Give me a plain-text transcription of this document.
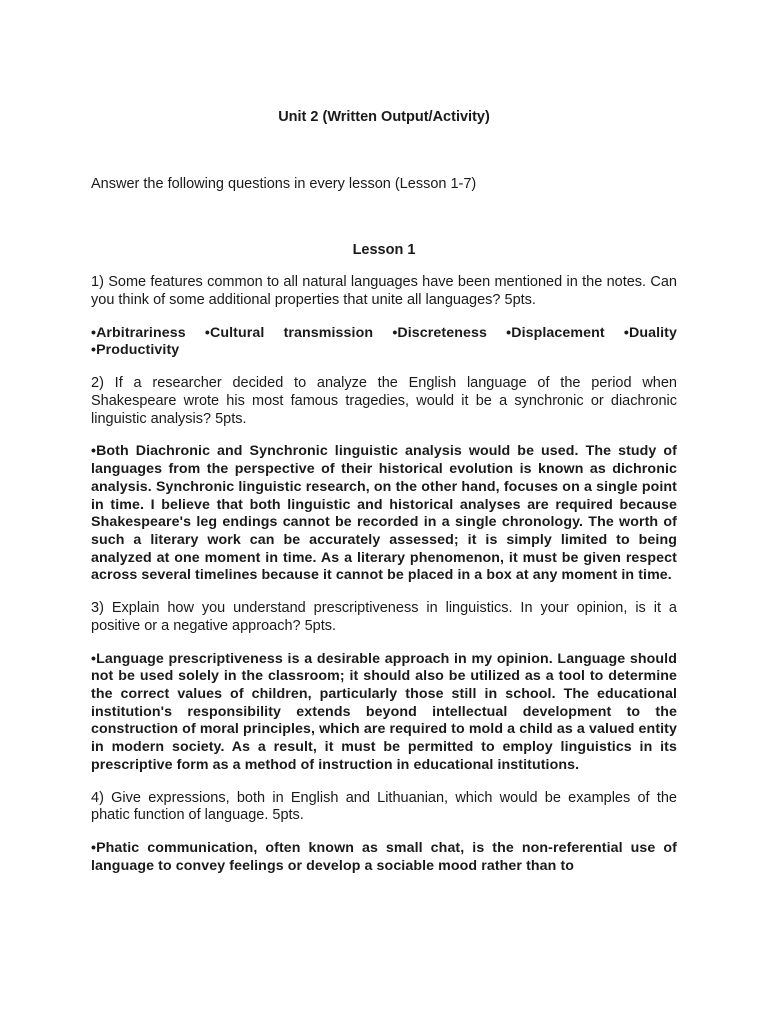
Unit 2 (Written Output/Activity)

Answer the following questions in every lesson (Lesson 1-7)

Lesson 1

1) Some features common to all natural languages have been mentioned in the notes. Can you think of some additional properties that unite all languages? 5pts.

•Arbitrariness •Cultural transmission •Discreteness •Displacement •Duality •Productivity

2) If a researcher decided to analyze the English language of the period when Shakespeare wrote his most famous tragedies, would it be a synchronic or diachronic linguistic analysis? 5pts.

•Both Diachronic and Synchronic linguistic analysis would be used. The study of languages from the perspective of their historical evolution is known as dichronic analysis. Synchronic linguistic research, on the other hand, focuses on a single point in time. I believe that both linguistic and historical analyses are required because Shakespeare's leg endings cannot be recorded in a single chronology. The worth of such a literary work can be accurately assessed; it is simply limited to being analyzed at one moment in time. As a literary phenomenon, it must be given respect across several timelines because it cannot be placed in a box at any moment in time.

3) Explain how you understand prescriptiveness in linguistics. In your opinion, is it a positive or a negative approach? 5pts.

•Language prescriptiveness is a desirable approach in my opinion. Language should not be used solely in the classroom; it should also be utilized as a tool to determine the correct values of children, particularly those still in school. The educational institution's responsibility extends beyond intellectual development to the construction of moral principles, which are required to mold a child as a valued entity in modern society. As a result, it must be permitted to employ linguistics in its prescriptive form as a method of instruction in educational institutions.

4) Give expressions, both in English and Lithuanian, which would be examples of the phatic function of language. 5pts.

•Phatic communication, often known as small chat, is the non-referential use of language to convey feelings or develop a sociable mood rather than to
